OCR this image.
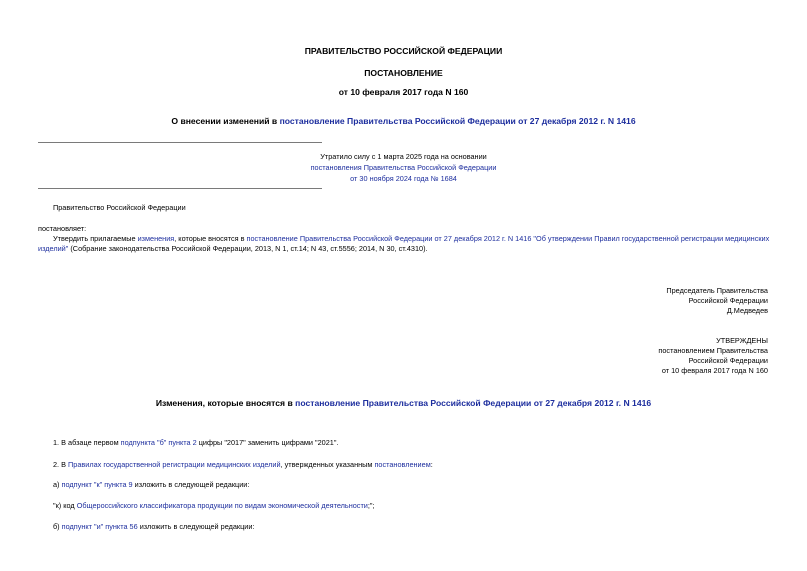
ПРАВИТЕЛЬСТВО РОССИЙСКОЙ ФЕДЕРАЦИИ
ПОСТАНОВЛЕНИЕ
от 10 февраля 2017 года N 160
О внесении изменений в постановление Правительства Российской Федерации от 27 декабря 2012 г. N 1416
Утратило силу с 1 марта 2025 года на основании
постановления Правительства Российской Федерации
от 30 ноября 2024 года № 1684
Правительство Российской Федерации
постановляет:
Утвердить прилагаемые изменения, которые вносятся в постановление Правительства Российской Федерации от 27 декабря 2012 г. N 1416 "Об утверждении Правил государственной регистрации медицинских
изделий" (Собрание законодательства Российской Федерации, 2013, N 1, ст.14; N 43, ст.5556; 2014, N 30, ст.4310).
Председатель Правительства
Российской Федерации
Д.Медведев
УТВЕРЖДЕНЫ
постановлением Правительства
Российской Федерации
от 10 февраля 2017 года N 160
Изменения, которые вносятся в постановление Правительства Российской Федерации от 27 декабря 2012 г. N 1416
1. В абзаце первом подпункта "б" пункта 2 цифры "2017" заменить цифрами "2021".
2. В Правилах государственной регистрации медицинских изделий, утвержденных указанным постановлением:
а) подпункт "к" пункта 9 изложить в следующей редакции:
"к) код Общероссийского классификатора продукции по видам экономической деятельности;";
б) подпункт "и" пункта 56 изложить в следующей редакции:
